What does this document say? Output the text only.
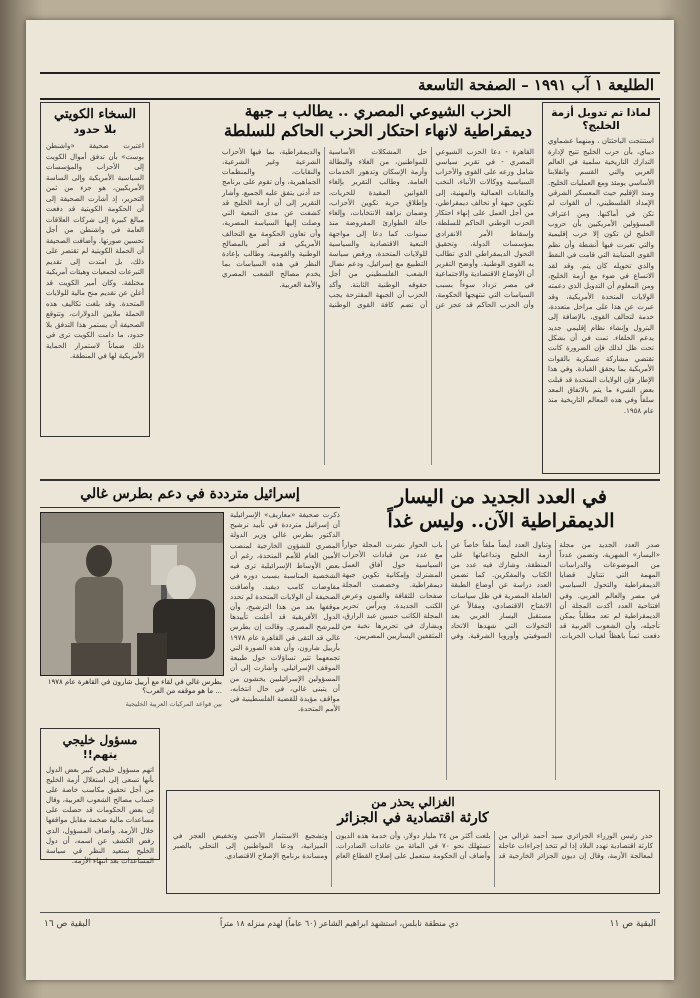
الطليعة ١ آب ١٩٩١ – الصفحة التاسعة
لماذا تم تدويل أزمة الخليج؟
استنتجت الباحثتان ، ومنهما عشماوي ديباي، بأن حرب الخليج تتيح لإدارة التدارك التاريخية سلمية في العالم العربي والتي القسم وانقلابنا الأساسي يومئذ ومع العمليات الخليج. ومنذ الإقليم حيث المعسكر الشرقي الإمداد الفلسطيني، أن القوات لم تكن في أماكنها. ومن اعتراف المسؤولين الأمريكيين بأن حروب الخليج لن تكون إلا حرب إقليمية والتي تغيرت فيها أنشطة وأن نظم القوى المتباينة التي قامت في النفط والذي تحويله كان يتم. وقد لقد الاتساع في ضوء مع أزمة الخليج، ومن المعلوم أن التدويل الذي دعمته الولايات المتحدة الأمريكية، وقد عبرت عن هذا على مراحل متعددة، خدمة لتحالف القوى، بالإضافة إلى البترول وإنشاء نظام إقليمي جديد يدعم الحلفاء. تمت في أن بشكل تحت ظل لذلك فإن الضرورة كانت تقتضي مشاركة عسكرية بالقوات الأمريكية بما يحقق القيادة. وفي هذا الإطار فإن الولايات المتحدة قد قبلت بعض الشيء ما يتم بالاتفاق المعد سلفاً وفي هذه المعالم التاريخية منذ عام ١٩٥٨.
الحزب الشيوعي المصري .. يطالب بـ جبهة
ديمقراطية لانهاء احتكار الحزب الحاكم للسلطة
القاهرة - دعا الحزب الشيوعي المصري - في تقرير سياسي شامل وزعه على القوى والأحزاب السياسية ووكالات الأنباء، النخب والنقابات العمالية والمهنية، إلى تكوين جبهة أو تحالف ديمقراطي، من أجل العمل على إنهاء احتكار الحزب الوطني الحاكم للسلطة، وإسقاط الأمر الانفرادي بمؤسسات الدولة، وتحقيق التحول الديمقراطي الذي تطالب به القوى الوطنية. وأوضح التقرير أن الأوضاع الاقتصادية والاجتماعية في مصر تزداد سوءاً بسبب السياسات التي تنتهجها الحكومة، وأن الحزب الحاكم قد عجز عن حل المشكلات الأساسية للمواطنين، من الغلاء والبطالة وأزمة الإسكان وتدهور الخدمات العامة. وطالب التقرير بإلغاء القوانين المقيدة للحريات، وإطلاق حرية تكوين الأحزاب، وضمان نزاهة الانتخابات، وإلغاء حالة الطوارئ المفروضة منذ سنوات. كما دعا إلى مواجهة التبعية الاقتصادية والسياسية للولايات المتحدة، ورفض سياسة التطبيع مع إسرائيل، ودعم نضال الشعب الفلسطيني من أجل حقوقه الوطنية الثابتة. وأكد الحزب أن الجبهة المقترحة يجب أن تضم كافة القوى الوطنية والديمقراطية، بما فيها الأحزاب الشرعية وغير الشرعية، والنقابات، والمنظمات الجماهيرية، وأن تقوم على برنامج حد أدنى يتفق عليه الجميع. وأشار التقرير إلى أن أزمة الخليج قد كشفت عن مدى التبعية التي وصلت إليها السياسة المصرية، وأن تعاون الحكومة مع التحالف الأمريكي قد أضر بالمصالح الوطنية والقومية، وطالب بإعادة النظر في هذه السياسات بما يخدم مصالح الشعب المصري والأمة العربية.
السخاء الكويتي
بلا حدود
اعتبرت صحيفة «واشنطن بوست» بأن تدفق أموال الكويت إلى الأحزاب والمؤسسات السياسية الأمريكية وإلى الساسة الأمريكيين، هو جزء من ثمن التحرير، إذ أشارت الصحيفة إلى أن الحكومة الكويتية قد دفعت مبالغ كبيرة إلى شركات العلاقات العامة في واشنطن من أجل تحسين صورتها. وأضافت الصحيفة أن الحملة الكويتية لم تقتصر على ذلك، بل امتدت إلى تقديم التبرعات لجمعيات وهيئات أمريكية مختلفة. وكان أمير الكويت قد أعلن عن تقديم منح مالية للولايات المتحدة. وقد بلغت تكاليف هذه الحملة ملايين الدولارات، وتتوقع الصحيفة أن يستمر هذا التدفق بلا حدود، ما دامت الكويت ترى في ذلك ضماناً لاستمرار الحماية الأمريكية لها في المنطقة.
في العدد الجديد من اليسار
الديمقراطية الآن.. وليس غداً
صدر العدد الجديد من مجلة «اليسار» الشهرية، وتضمن عدداً من الموضوعات والدراسات المهمة التي تتناول قضايا الديمقراطية والتحول السياسي في مصر والعالم العربي. وفي افتتاحية العدد أكدت المجلة أن الديمقراطية لم تعد مطلباً يمكن تأجيله، وأن الشعوب العربية قد دفعت ثمناً باهظاً لغياب الحريات. وتناول العدد أيضاً ملفاً خاصاً عن أزمة الخليج وتداعياتها على المنطقة، وشارك فيه عدد من الكتاب والمفكرين. كما تضمن العدد دراسة عن أوضاع الطبقة العاملة المصرية في ظل سياسات الانفتاح الاقتصادي، ومقالاً عن مستقبل اليسار العربي بعد التحولات التي شهدها الاتحاد السوفيتي وأوروبا الشرقية. وفي باب الحوار نشرت المجلة حواراً مع عدد من قيادات الأحزاب السياسية حول آفاق العمل المشترك وإمكانية تكوين جبهة ديمقراطية. وخصصت المجلة صفحات للثقافة والفنون وعرض الكتب الجديدة. ويرأس تحرير المجلة الكاتب حسين عبد الرازق، ويشارك في تحريرها نخبة من المثقفين اليساريين المصريين.
إسرائيل مترددة في دعم بطرس غالي
ذكرت صحيفة «معاريف» الإسرائيلية أن إسرائيل مترددة في تأييد ترشيح الدكتور بطرس غالي وزير الدولة المصري للشؤون الخارجية لمنصب الأمين العام للأمم المتحدة، رغم أن بعض الأوساط الإسرائيلية ترى فيه الشخصية المناسبة بسبب دوره في مفاوضات كامب ديفيد. وأضافت الصحيفة أن الولايات المتحدة لم تحدد موقفها بعد من هذا الترشيح، وأن الدول الأفريقية قد أعلنت تأييدها للمرشح المصري. وقالت إن بطرس غالي قد التقى في القاهرة عام ١٩٧٨ بأرييل شارون، وأن هذه الصورة التي تجمعهما تثير تساؤلات حول طبيعة الموقف الإسرائيلي. وأشارت إلى أن المسؤولين الإسرائيليين يخشون من أن يتبنى غالي، في حال انتخابه، مواقف مؤيدة للقضية الفلسطينية في الأمم المتحدة.
بطرس غالي في لقاء مع أرييل شارون في القاهرة عام ١٩٧٨ ... ما هو موقفه من العرب؟
بين قواعد المركبات العربية الخليجية
مسؤول خليجي
يتهم!!
اتهم مسؤول خليجي كبير بعض الدول بأنها تسعى إلى استغلال أزمة الخليج من أجل تحقيق مكاسب خاصة على حساب مصالح الشعوب العربية، وقال إن بعض الحكومات قد حصلت على مساعدات مالية ضخمة مقابل مواقفها خلال الأزمة. وأضاف المسؤول، الذي رفض الكشف عن اسمه، أن دول الخليج ستعيد النظر في سياسة المساعدات بعد انتهاء الأزمة.
الغزالي يحذر من
كارثة اقتصادية في الجزائر
حذر رئيس الوزراء الجزائري سيد أحمد غزالي من كارثة اقتصادية تهدد البلاد إذا لم تتخذ إجراءات عاجلة لمعالجة الأزمة، وقال إن ديون الجزائر الخارجية قد بلغت أكثر من ٢٤ مليار دولار، وأن خدمة هذه الديون تستهلك نحو ٧٠ في المائة من عائدات الصادرات. وأضاف أن الحكومة ستعمل على إصلاح القطاع العام وتشجيع الاستثمار الأجنبي وتخفيض العجز في الميزانية، ودعا المواطنين إلى التحلي بالصبر ومساندة برنامج الإصلاح الاقتصادي.
البقية ص ١٦	دي منطقة نابلس، استشهد ابراهيم الشاعر (٦٠ عاماً) لهدم منزله ١٨ متراً	البقية ص ١١
